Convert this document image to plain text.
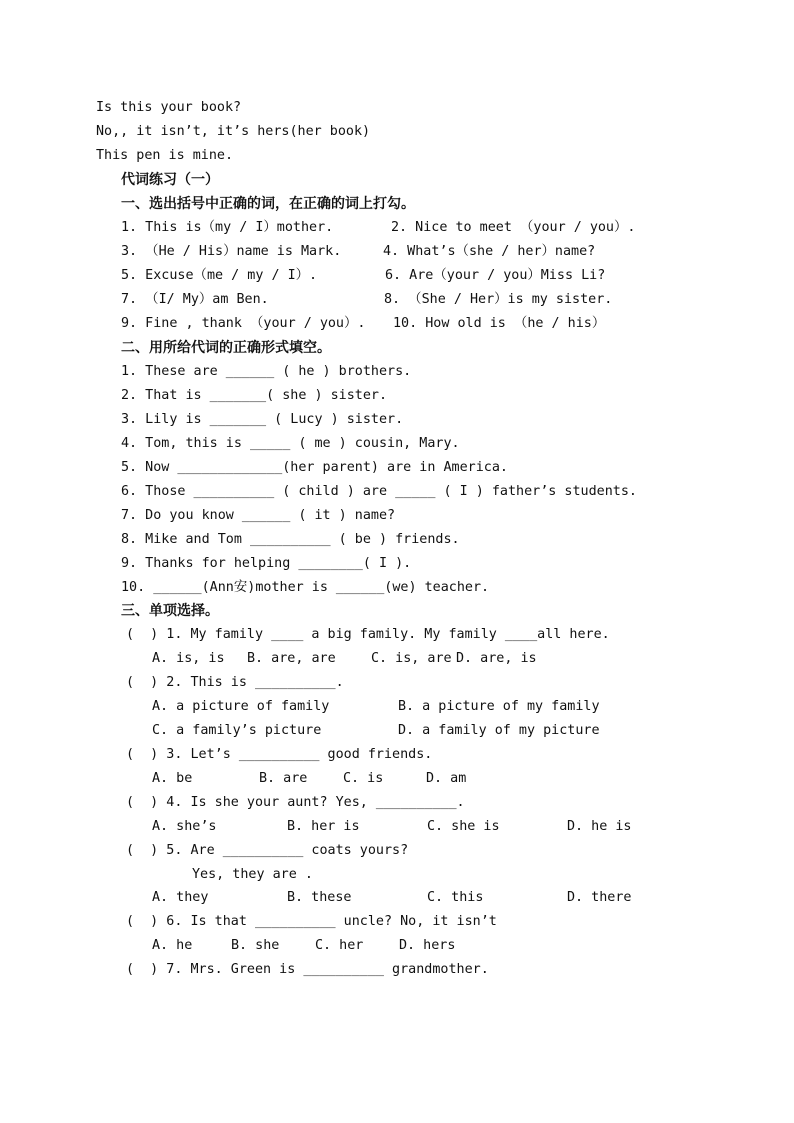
Is this your book?
No,, it isn’t, it’s hers(her book)
This pen is mine.
代词练习（一）
一、选出括号中正确的词，在正确的词上打勾。
1. This is（my / I）mother.	2. Nice to meet （your / you）.
3. （He / His）name is Mark.	4. What’s（she / her）name?
5. Excuse（me / my / I）.	6. Are（your / you）Miss Li?
7. （I/ My）am Ben.	8. （She / Her）is my sister.
9. Fine , thank （your / you）. 10. How old is （he / his）
二、用所给代词的正确形式填空。
1. These are ______ ( he ) brothers.
2. That is _______( she ) sister.
3. Lily is _______ ( Lucy ) sister.
4. Tom, this is _____ ( me ) cousin, Mary.
5. Now _____________(her parent) are in America.
6. Those __________ ( child ) are _____ ( I ) father’s students.
7. Do you know ______ ( it ) name?
8. Mike and Tom __________ ( be ) friends.
9. Thanks for helping ________( I ).
10. ______(Ann安)mother is ______(we) teacher.
三、单项选择。
(  ) 1. My family ____ a big family. My family ____all here.
A. is, is B. are, are	C. is, are D. are, is
(  ) 2. This is __________.
A. a picture of family	B. a picture of my family
C. a family’s picture	D. a family of my picture
(  ) 3. Let’s __________ good friends.
A. be	B. are	C. is	D. am
(  ) 4. Is she your aunt? Yes, __________.
A. she’s	B. her is	C. she is	D. he is
(  ) 5. Are __________ coats yours?
Yes, they are .
A. they	B. these	C. this	D. there
(  ) 6. Is that __________ uncle? No, it isn’t
A. he	B. she	C. her	D. hers
(  ) 7. Mrs. Green is __________ grandmother.
